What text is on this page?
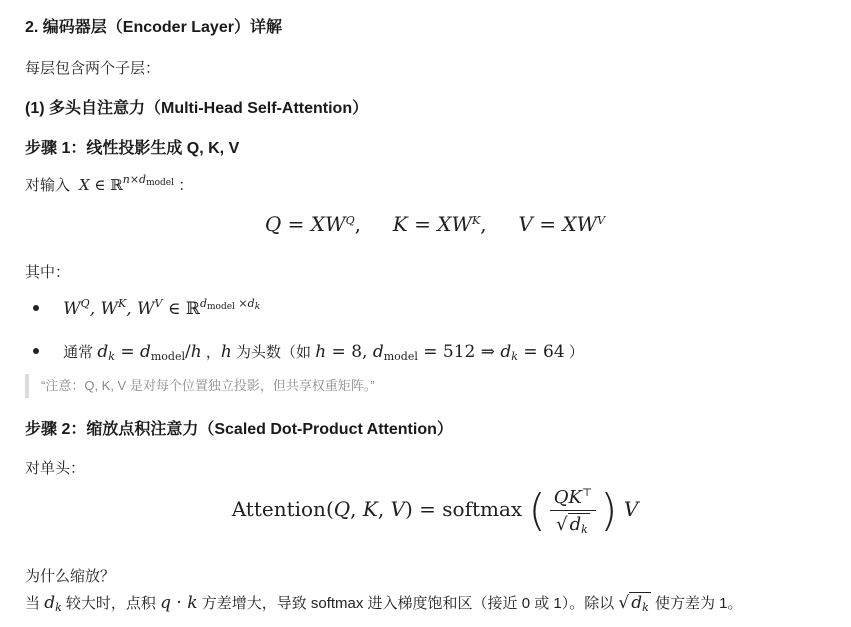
2. 编码器层（Encoder Layer）详解
每层包含两个子层：
(1) 多头自注意力（Multi-Head Self-Attention）
步骤 1：线性投影生成 Q, K, V
对输入  X ∈ ℝ$^{n\times dmodel}$ ：
$Q = XW^Q$,     $K = XW^K$,     $V = XW^V$
其中：
$W^Q$, $W^K$, $W^V$ ∈ ℝ$^{dmodel \times dk}$
通常 $d_k = d_{model}/h$ ，h 为头数（如 h = 8, $d_{model} = 512$ ⇒ $d_k = 64$ ）
“注意：Q, K, V 是对每个位置独立投影，但共享权重矩阵。”
步骤 2：缩放点积注意力（Scaled Dot-Product Attention）
对单头：
Attention(Q, K, V) = softmax ( $\frac{QK^⊤}{√ d_k}$ ) V
为什么缩放？
当 $d_k$ 较大时，点积 q · k 方差增大，导致 softmax 进入梯度饱和区（接近 0 或 1）。除以 √ $d_k$ 使方差为 1。
